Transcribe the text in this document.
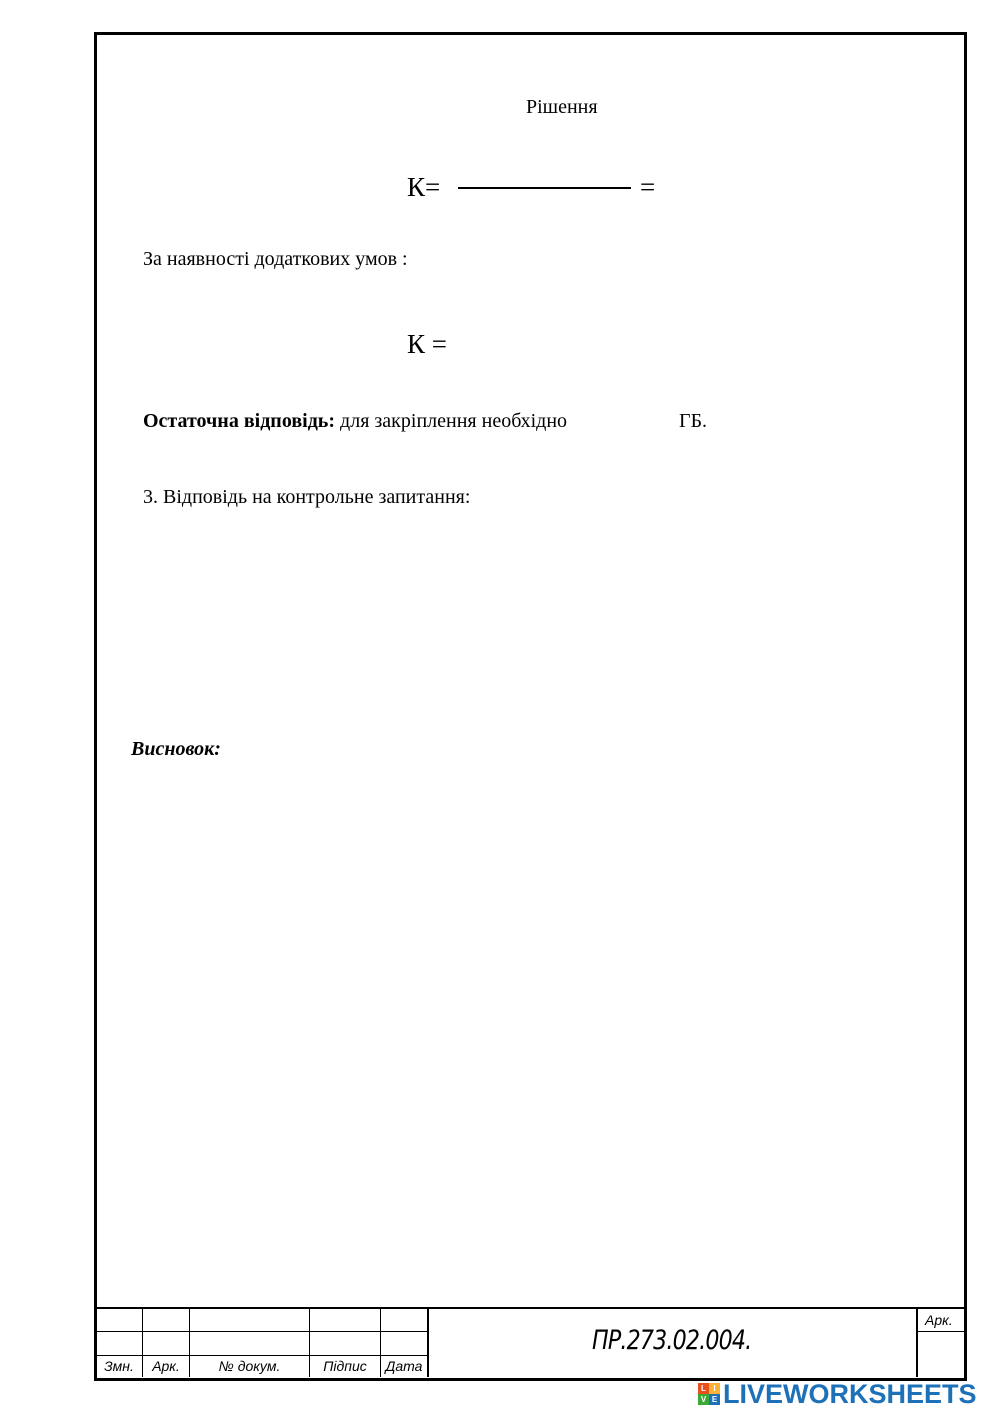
Рішення
К=	=
За наявності додаткових умов :
К =
Остаточна відповідь: для закріплення необхідно	ГБ.
3. Відповідь на контрольне запитання:
Висновок:
Змн.	Арк.	№ докум.	Підпис	Дата
ПР.273.02.004.
Арк.
L I
V E LIVEWORKSHEETS
